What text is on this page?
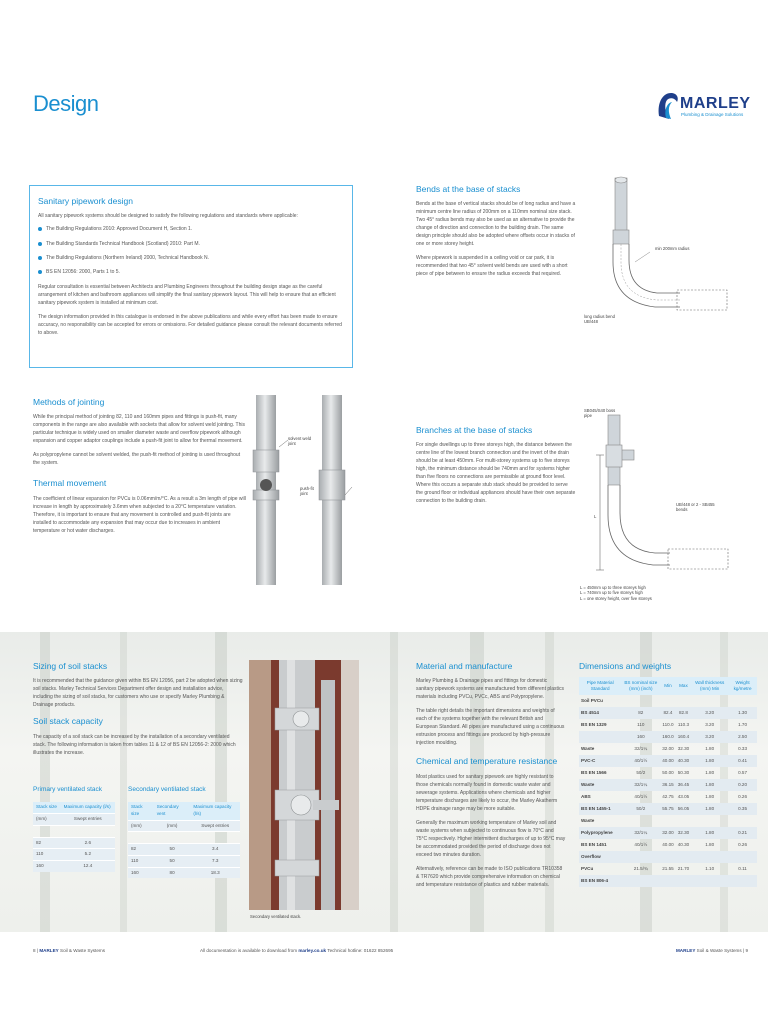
Design	MARLEY
Plumbing & Drainage Solutions
Sanitary pipework design
All sanitary pipework systems should be designed to satisfy the following regulations and standards where applicable:
The Building Regulations 2010: Approved Document H, Section 1.
The Building Standards Technical Handbook (Scotland) 2010: Part M.
The Building Regulations (Northern Ireland) 2000, Technical Handbook N.
BS EN 12056: 2000, Parts 1 to 5.
Regular consultation is essential between Architects and Plumbing Engineers throughout the building design stage as the careful arrangement of kitchen and bathroom appliances will simplify the final sanitary pipework layout. This will help to ensure that an efficient sanitary pipework system is installed at minimum cost.
The design information provided in this catalogue is endorsed in the above publications and while every effort has been made to ensure accuracy, no responsibility can be accepted for errors or omissions. For detailed guidance please consult the relevant documents referred to above.
Bends at the base of stacks
Bends at the base of vertical stacks should be of long radius and have a minimum centre line radius of 200mm on a 110mm nominal size stack. Two 45° radius bends may also be used as an alternative to provide the change of direction and connection to the building drain. The same design principle should also be adopted where offsets occur in stacks of one or more storey height.
Where pipework is suspended in a ceiling void or car park, it is recommended that two 45° solvent weld bends are used with a short piece of pipe between to ensure the radius exceeds that required.
min 200mm radius
long radius bend UB/448
Methods of jointing
While the principal method of jointing 82, 110 and 160mm pipes and fittings is push-fit, many components in the range are also available with sockets that allow for solvent weld jointing. This particular technique is widely used on smaller diameter waste and overflow pipework although expansion and copper adaptor couplings include a push-fit joint to allow for thermal movement.
As polypropylene cannot be solvent welded, the push-fit method of jointing is used throughout the system.
Thermal movement
The coefficient of linear expansion for PVCu is 0.06mm/m/°C. As a result a 3m length of pipe will increase in length by approximately 3.6mm when subjected to a 20°C temperature variation. Therefore, it is important to ensure that any movement is controlled and push-fit joints are installed to accommodate any expansion that may occur due to increases in ambient temperature or hot water discharges.
solvent weld joint
push-fit joint
Branches at the base of stacks
For single dwellings up to three storeys high, the distance between the centre line of the lowest branch connection and the invert of the drain should be at least 450mm. For multi-storey systems up to five storeys high, the minimum distance should be 740mm and for systems higher than five floors no connections are permissible at ground floor level. Where this occurs a separate stub stack should be provided to serve the ground floor or individual appliances should have their own separate connection to the building drain.
SB045/S40 boss pipe
UB/448 or 2 - SB455 bends
L
L = 450mm up to three storeys high
L = 740mm up to five storeys high
L = one storey height, over five storeys
Sizing of soil stacks
It is recommended that the guidance given within BS EN 12056, part 2 be adopted when sizing soil stacks. Marley Technical Services Department offer design and installation advice, including the sizing of soil stacks, for customers who use or specify Marley Plumbing & Drainage products.
Soil stack capacity
The capacity of a soil stack can be increased by the installation of a secondary ventilated stack. The following information is taken from tables 11 & 12 of BS EN 12056-2: 2000 which illustrates the increase.
Primary ventilated stack
Stack size	Maximum capacity (l/s)
(mm)	Swept entries

82	2.6
110	5.2
160	12.4
Secondary ventilated stack
Stack size	Secondary vent	Maximum capacity (l/s)
(mm)	(mm)	Swept entries

82	50	3.4
110	50	7.3
160	80	18.3
Secondary ventilated stack.
Material and manufacture
Marley Plumbing & Drainage pipes and fittings for domestic sanitary pipework systems are manufactured from different plastics materials including PVCu, PVCc, ABS and Polypropylene.
The table right details the important dimensions and weights of each of the systems together with the relevant British and European Standard. All pipes are manufactured using a continuous extrusion process and fittings are produced by high-pressure injection moulding.
Chemical and temperature resistance
Most plastics used for sanitary pipework are highly resistant to those chemicals normally found in domestic waste water and sewerage systems. Applications where chemicals and higher temperature discharges are likely to occur, the Marley Akatherm HDPE drainage range may be more suitable.
Generally the maximum working temperature of Marley soil and waste systems when subjected to continuous flow is 70°C and 75°C respectively. Higher intermittent discharges of up to 95°C may be accommodated provided the period of discharge does not exceed two minutes duration.
Alternatively, reference can be made to ISO publications TR10358 & TR7620 which provide comprehensive information on chemical and temperature resistance of plastics and rubber materials.
Dimensions and weights
Pipe Material Standard	BS nominal size (mm) (inch)	Min	Max	Wall thickness (mm) Min	Weight kg/metre
Soil PVCu					
BS 4514	82	82.4	82.8	3.20	1.30
BS EN 1329	110	110.0	110.3	3.20	1.70
	160	160.0	160.4	3.20	2.50
Waste	32/1¼	32.00	32.30	1.80	0.33
PVC-C	40/1½	40.00	40.30	1.80	0.41
BS EN 1566	50/2	50.00	50.30	1.80	0.57
Waste	32/1¼	36.15	36.45	1.80	0.20
ABS	40/1½	42.75	43.05	1.80	0.26
BS EN 1455-1	50/2	55.75	56.05	1.80	0.35
Waste					
Polypropylene	32/1¼	32.00	32.30	1.80	0.21
BS EN 1451	40/1½	40.00	40.30	1.80	0.26
Overflow					
PVCu	21.5/¾	21.55	21.70	1.10	0.11
BS EN 806-4					
8 | MARLEY Soil & Waste Systems	All documentation is available to download from marley.co.uk Technical hotline: 01622 852695	MARLEY Soil & Waste Systems | 9
